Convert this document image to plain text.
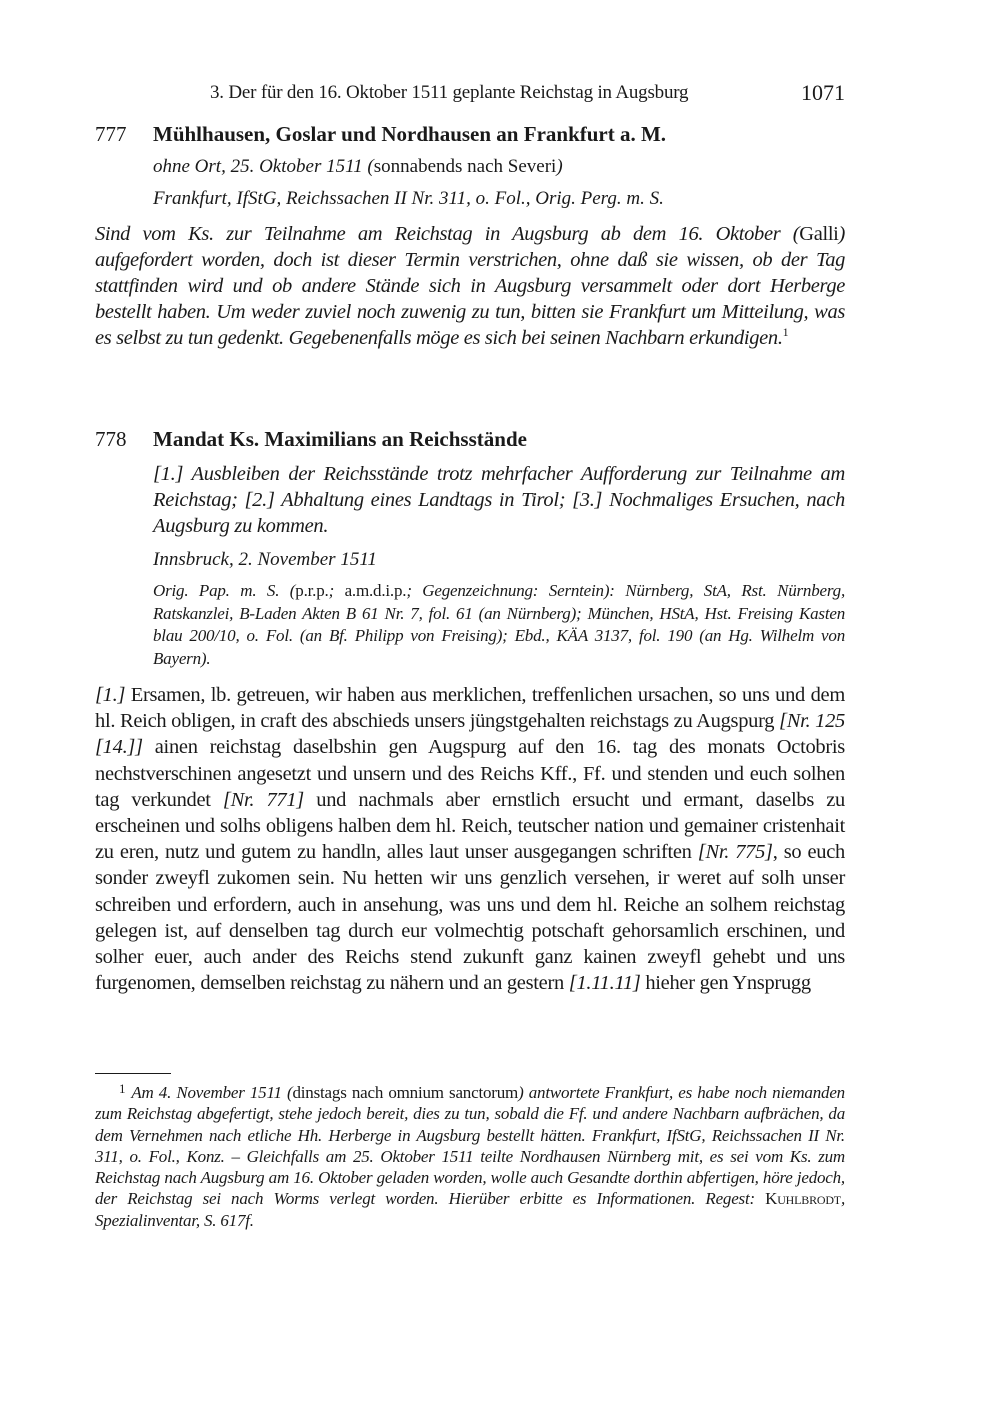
3. Der für den 16. Oktober 1511 geplante Reichstag in Augsburg	1071
777 Mühlhausen, Goslar und Nordhausen an Frankfurt a. M.
ohne Ort, 25. Oktober 1511 (sonnabends nach Severi)
Frankfurt, IfStG, Reichssachen II Nr. 311, o. Fol., Orig. Perg. m. S.
Sind vom Ks. zur Teilnahme am Reichstag in Augsburg ab dem 16. Oktober (Galli) aufgefordert worden, doch ist dieser Termin verstrichen, ohne daß sie wissen, ob der Tag stattfinden wird und ob andere Stände sich in Augsburg versammelt oder dort Herberge bestellt haben. Um weder zuviel noch zuwenig zu tun, bitten sie Frankfurt um Mitteilung, was es selbst zu tun gedenkt. Gegebenenfalls möge es sich bei seinen Nachbarn erkundigen.$^1$
778 Mandat Ks. Maximilians an Reichsstände
[1.] Ausbleiben der Reichsstände trotz mehrfacher Aufforderung zur Teilnahme am Reichstag; [2.] Abhaltung eines Landtags in Tirol; [3.] Nochmaliges Ersuchen, nach Augsburg zu kommen.
Innsbruck, 2. November 1511
Orig. Pap. m. S. (p.r.p.; a.m.d.i.p.; Gegenzeichnung: Serntein): Nürnberg, StA, Rst. Nürnberg, Ratskanzlei, B-Laden Akten B 61 Nr. 7, fol. 61 (an Nürnberg); München, HStA, Hst. Freising Kasten blau 200/10, o. Fol. (an Bf. Philipp von Freising); Ebd., KÄA 3137, fol. 190 (an Hg. Wilhelm von Bayern).
[1.] Ersamen, lb. getreuen, wir haben aus merklichen, treffenlichen ursachen, so uns und dem hl. Reich obligen, in craft des abschieds unsers jüngstgehalten reichstags zu Augspurg [Nr. 125 [14.]] ainen reichstag daselbshin gen Augspurg auf den 16. tag des monats Octobris nechstverschinen angesetzt und unsern und des Reichs Kff., Ff. und stenden und euch solhen tag verkundet [Nr. 771] und nachmals aber ernstlich ersucht und ermant, daselbs zu erscheinen und solhs obligens halben dem hl. Reich, teutscher nation und gemainer cristenhait zu eren, nutz und gutem zu handln, alles laut unser ausgegangen schriften [Nr. 775], so euch sonder zweyfl zukomen sein. Nu hetten wir uns genzlich versehen, ir weret auf solh unser schreiben und erfordern, auch in ansehung, was uns und dem hl. Reiche an solhem reichstag gelegen ist, auf denselben tag durch eur volmechtig potschaft gehorsamlich erschinen, und solher euer, auch ander des Reichs stend zukunft ganz kainen zweyfl gehebt und uns furgenomen, demselben reichstag zu nähern und an gestern [1.11.11] hieher gen Ynsprugg
$^1$ Am 4. November 1511 (dinstags nach omnium sanctorum) antwortete Frankfurt, es habe noch niemanden zum Reichstag abgefertigt, stehe jedoch bereit, dies zu tun, sobald die Ff. und andere Nachbarn aufbrächen, da dem Vernehmen nach etliche Hh. Herberge in Augsburg bestellt hätten. Frankfurt, IfStG, Reichssachen II Nr. 311, o. Fol., Konz. – Gleichfalls am 25. Oktober 1511 teilte Nordhausen Nürnberg mit, es sei vom Ks. zum Reichstag nach Augsburg am 16. Oktober geladen worden, wolle auch Gesandte dorthin abfertigen, höre jedoch, der Reichstag sei nach Worms verlegt worden. Hierüber erbitte es Informationen. Regest: Kuhlbrodt, Spezialinventar, S. 617f.
